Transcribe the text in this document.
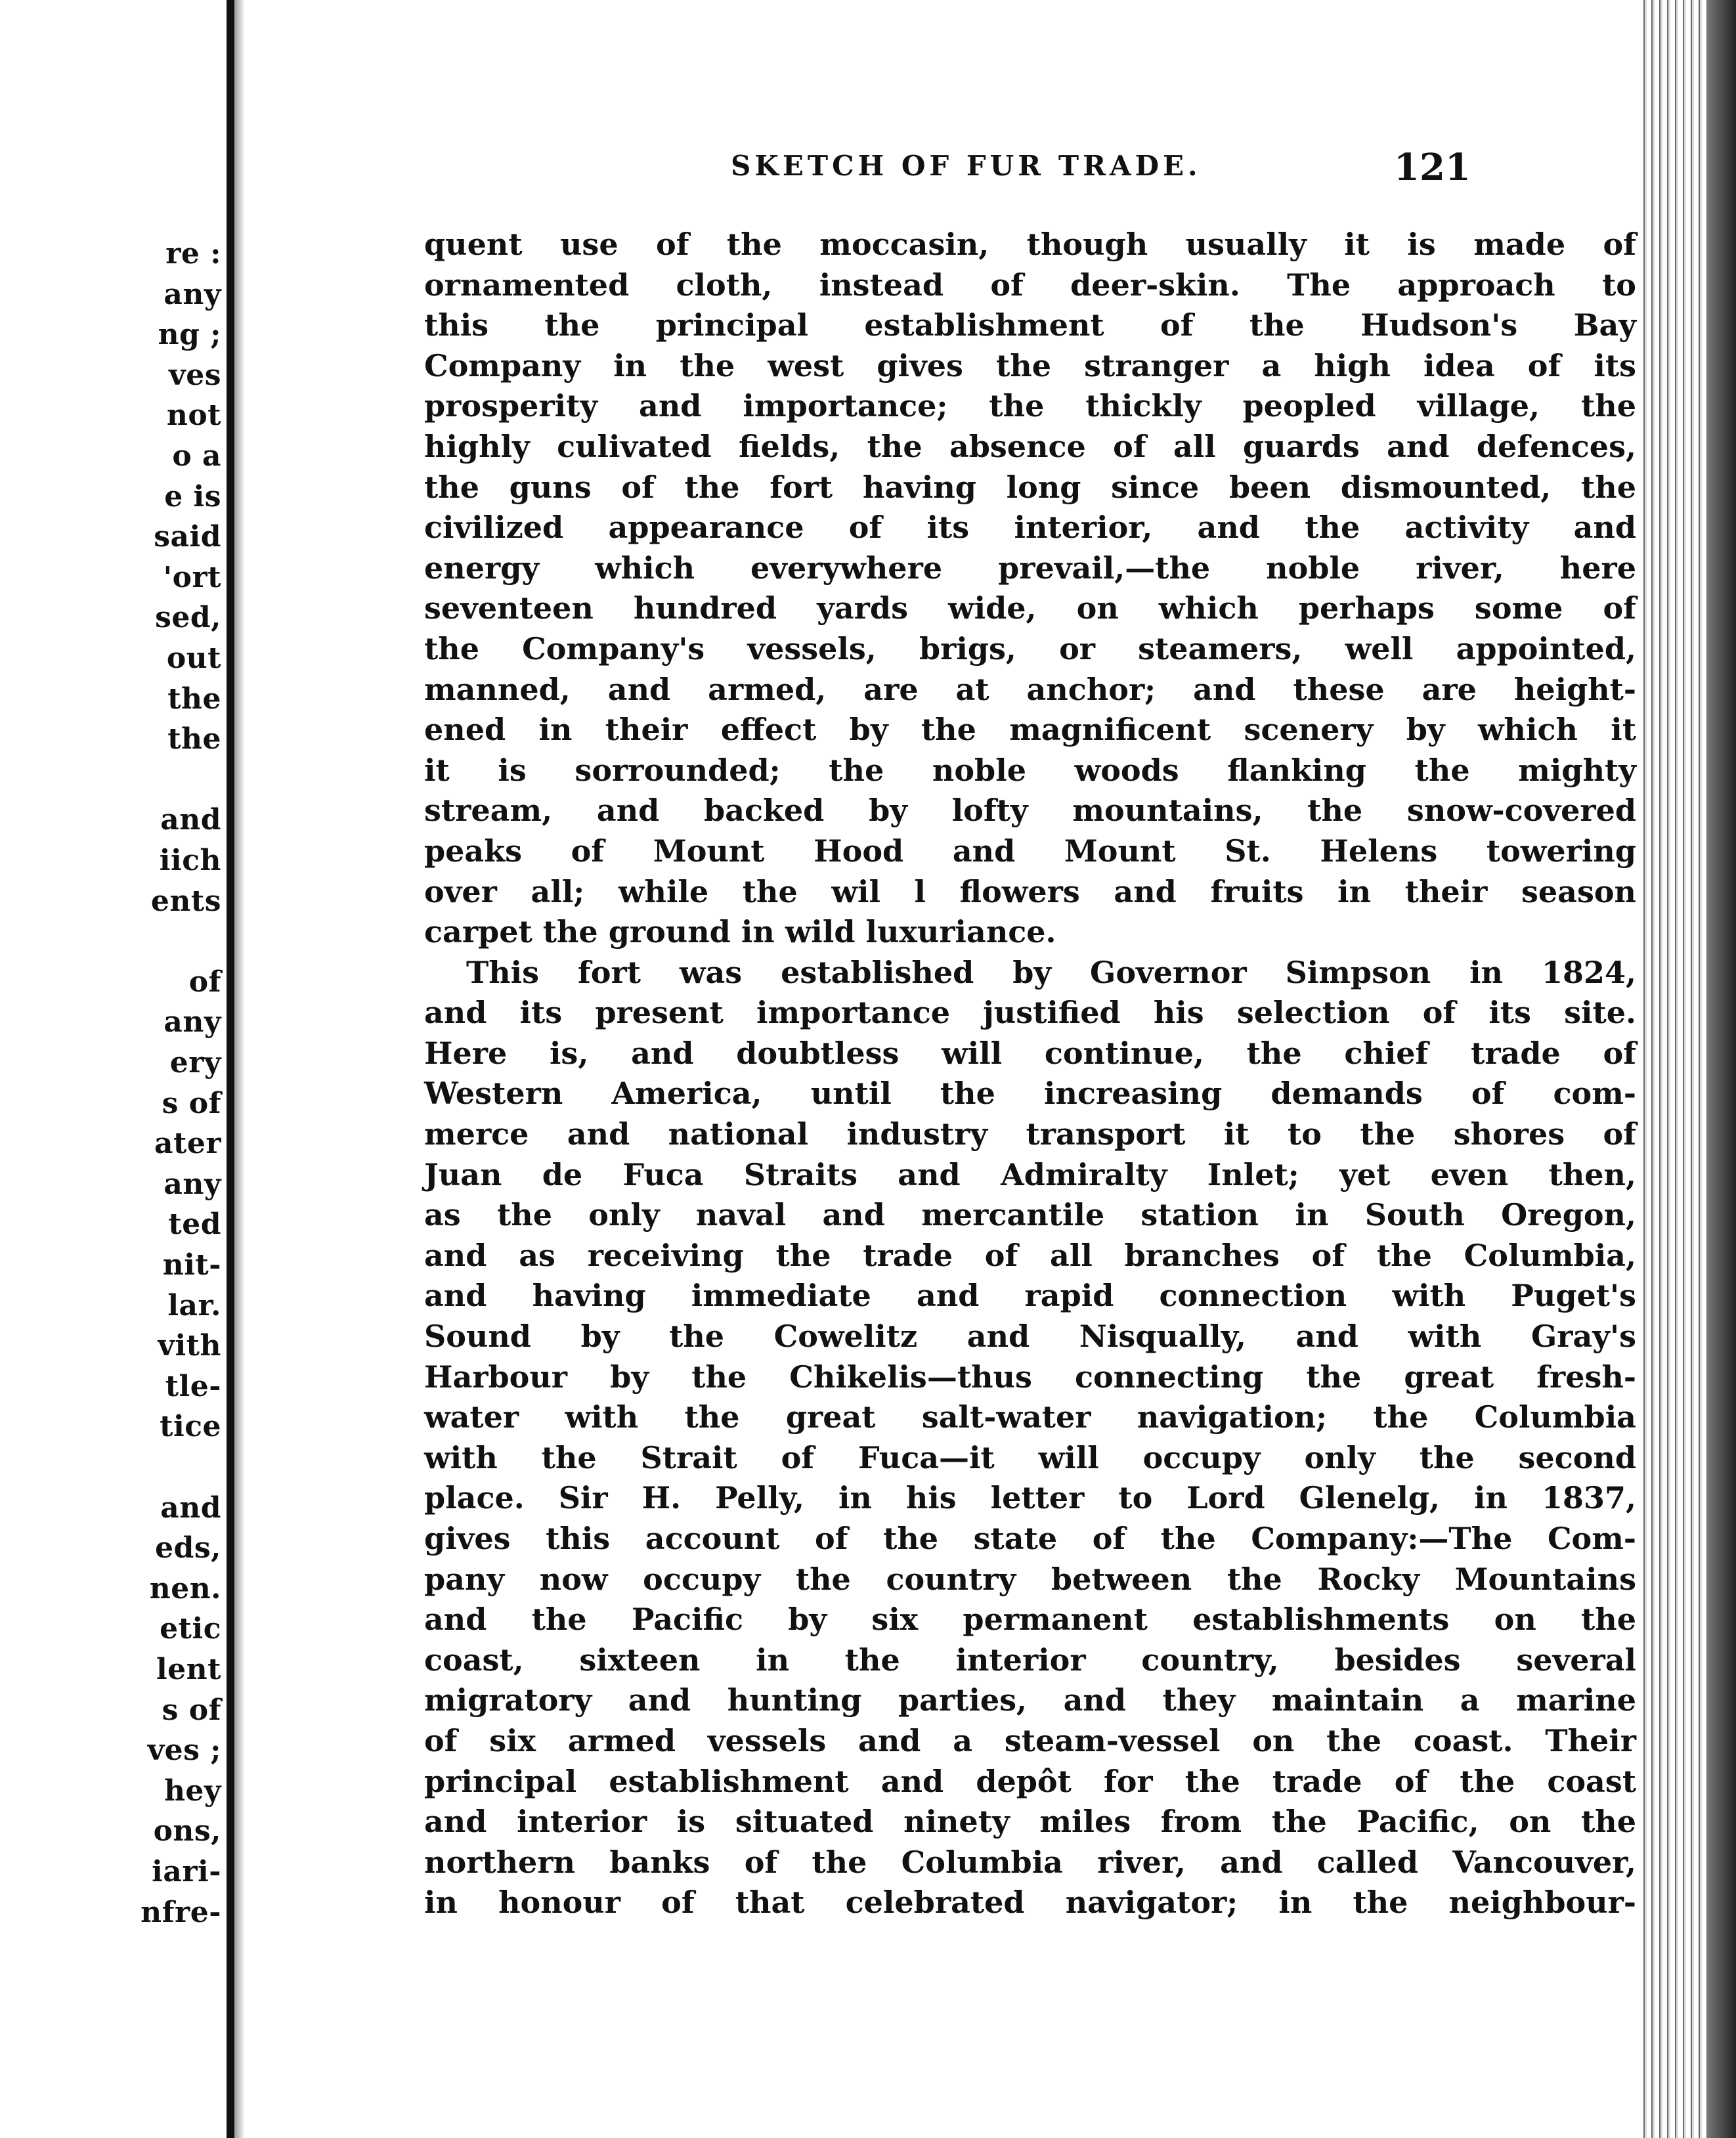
re :
any
ng ;
ves
not
o a
e is
said
'ort
sed,
out
the
the
and
iich
ents
of
any
ery
s of
ater
any
ted
nit-
lar.
vith
tle-
tice
and
eds,
nen.
etic
lent
s of
ves ;
hey
ons,
iari-
nfre-
SKETCH OF FUR TRADE.	121
quent use of the moccasin, though usually it is made of
ornamented cloth, instead of deer-skin. The approach to
this the principal establishment of the Hudson's Bay
Company in the west gives the stranger a high idea of its
prosperity and importance; the thickly peopled village, the
highly culivated fields, the absence of all guards and defences,
the guns of the fort having long since been dismounted, the
civilized appearance of its interior, and the activity and
energy which everywhere prevail,—the noble river, here
seventeen hundred yards wide, on which perhaps some of
the Company's vessels, brigs, or steamers, well appointed,
manned, and armed, are at anchor; and these are height-
ened in their effect by the magnificent scenery by which it
it is sorrounded; the noble woods flanking the mighty
stream, and backed by lofty mountains, the snow-covered
peaks of Mount Hood and Mount St. Helens towering
over all; while the wil l flowers and fruits in their season
carpet the ground in wild luxuriance.
This fort was established by Governor Simpson in 1824,
and its present importance justified his selection of its site.
Here is, and doubtless will continue, the chief trade of
Western America, until the increasing demands of com-
merce and national industry transport it to the shores of
Juan de Fuca Straits and Admiralty Inlet; yet even then,
as the only naval and mercantile station in South Oregon,
and as receiving the trade of all branches of the Columbia,
and having immediate and rapid connection with Puget's
Sound by the Cowelitz and Nisqually, and with Gray's
Harbour by the Chikelis—thus connecting the great fresh-
water with the great salt-water navigation; the Columbia
with the Strait of Fuca—it will occupy only the second
place. Sir H. Pelly, in his letter to Lord Glenelg, in 1837,
gives this account of the state of the Company:—The Com-
pany now occupy the country between the Rocky Mountains
and the Pacific by six permanent establishments on the
coast, sixteen in the interior country, besides several
migratory and hunting parties, and they maintain a marine
of six armed vessels and a steam-vessel on the coast. Their
principal establishment and depôt for the trade of the coast
and interior is situated ninety miles from the Pacific, on the
northern banks of the Columbia river, and called Vancouver,
in honour of that celebrated navigator; in the neighbour-
